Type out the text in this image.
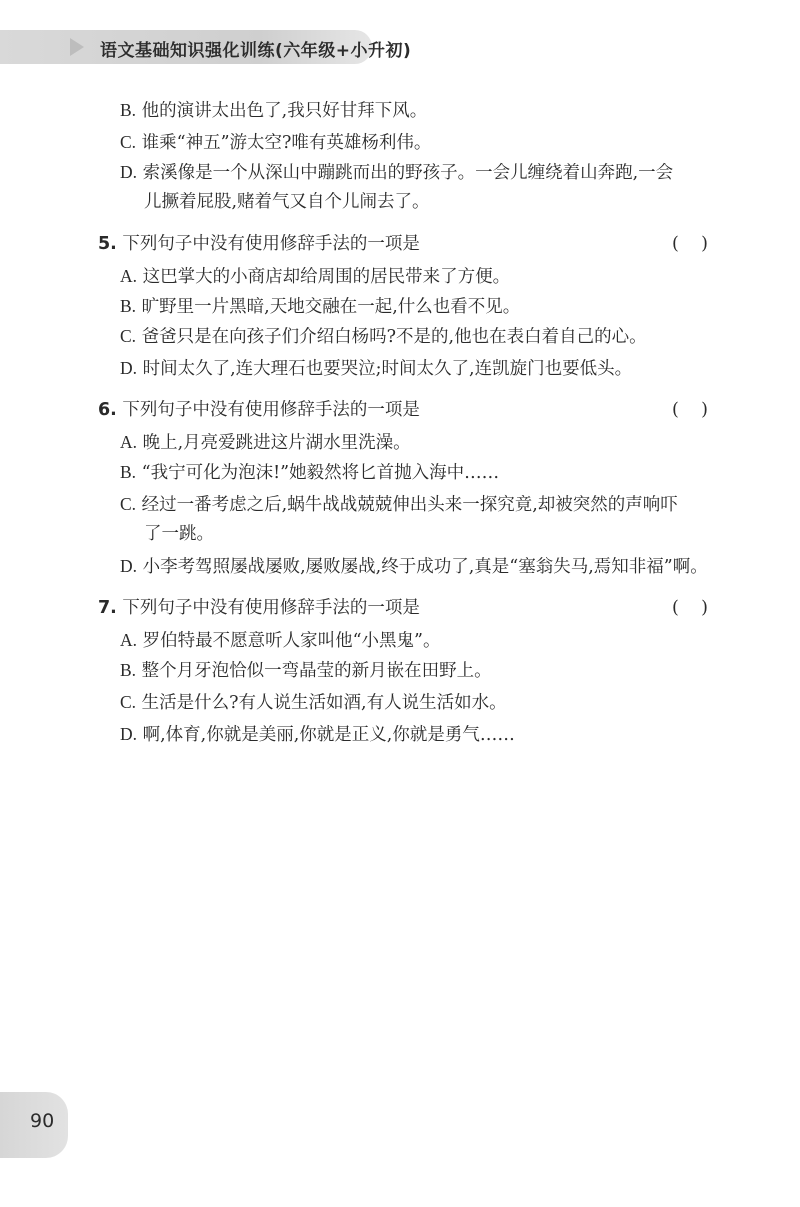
语文基础知识强化训练(六年级+小升初)
B. 他的演讲太出色了,我只好甘拜下风。
C. 谁乘“神五”游太空?唯有英雄杨利伟。
D. 索溪像是一个从深山中蹦跳而出的野孩子。一会儿缠绕着山奔跑,一会
儿撅着屁股,赌着气又自个儿闹去了。
5. 下列句子中没有使用修辞手法的一项是	(    )
A. 这巴掌大的小商店却给周围的居民带来了方便。
B. 旷野里一片黑暗,天地交融在一起,什么也看不见。
C. 爸爸只是在向孩子们介绍白杨吗?不是的,他也在表白着自己的心。
D. 时间太久了,连大理石也要哭泣;时间太久了,连凯旋门也要低头。
6. 下列句子中没有使用修辞手法的一项是	(    )
A. 晚上,月亮爱跳进这片湖水里洗澡。
B. “我宁可化为泡沫!”她毅然将匕首抛入海中……
C. 经过一番考虑之后,蜗牛战战兢兢伸出头来一探究竟,却被突然的声响吓
了一跳。
D. 小李考驾照屡战屡败,屡败屡战,终于成功了,真是“塞翁失马,焉知非福”啊。
7. 下列句子中没有使用修辞手法的一项是	(    )
A. 罗伯特最不愿意听人家叫他“小黑鬼”。
B. 整个月牙泡恰似一弯晶莹的新月嵌在田野上。
C. 生活是什么?有人说生活如酒,有人说生活如水。
D. 啊,体育,你就是美丽,你就是正义,你就是勇气……
90
